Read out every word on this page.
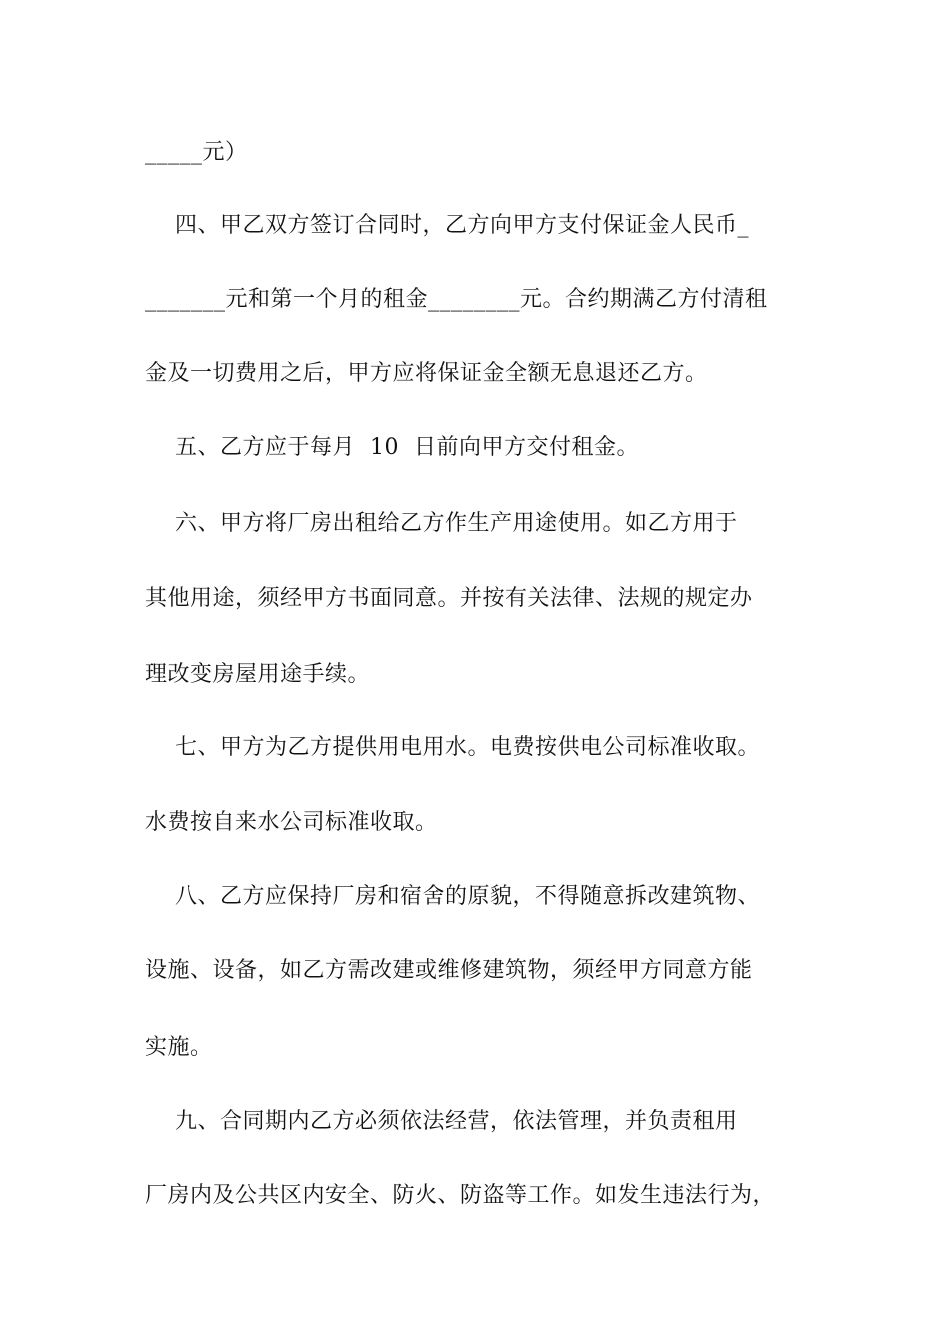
_____元）
四、甲乙双方签订合同时，乙方向甲方支付保证金人民币_
_______元和第一个月的租金________元。合约期满乙方付清租
金及一切费用之后，甲方应将保证金全额无息退还乙方。
五、乙方应于每月  10  日前向甲方交付租金。
六、甲方将厂房出租给乙方作生产用途使用。如乙方用于
其他用途，须经甲方书面同意。并按有关法律、法规的规定办
理改变房屋用途手续。
七、甲方为乙方提供用电用水。电费按供电公司标准收取。
水费按自来水公司标准收取。
八、乙方应保持厂房和宿舍的原貌，不得随意拆改建筑物、
设施、设备，如乙方需改建或维修建筑物，须经甲方同意方能
实施。
九、合同期内乙方必须依法经营，依法管理，并负责租用
厂房内及公共区内安全、防火、防盗等工作。如发生违法行为，
